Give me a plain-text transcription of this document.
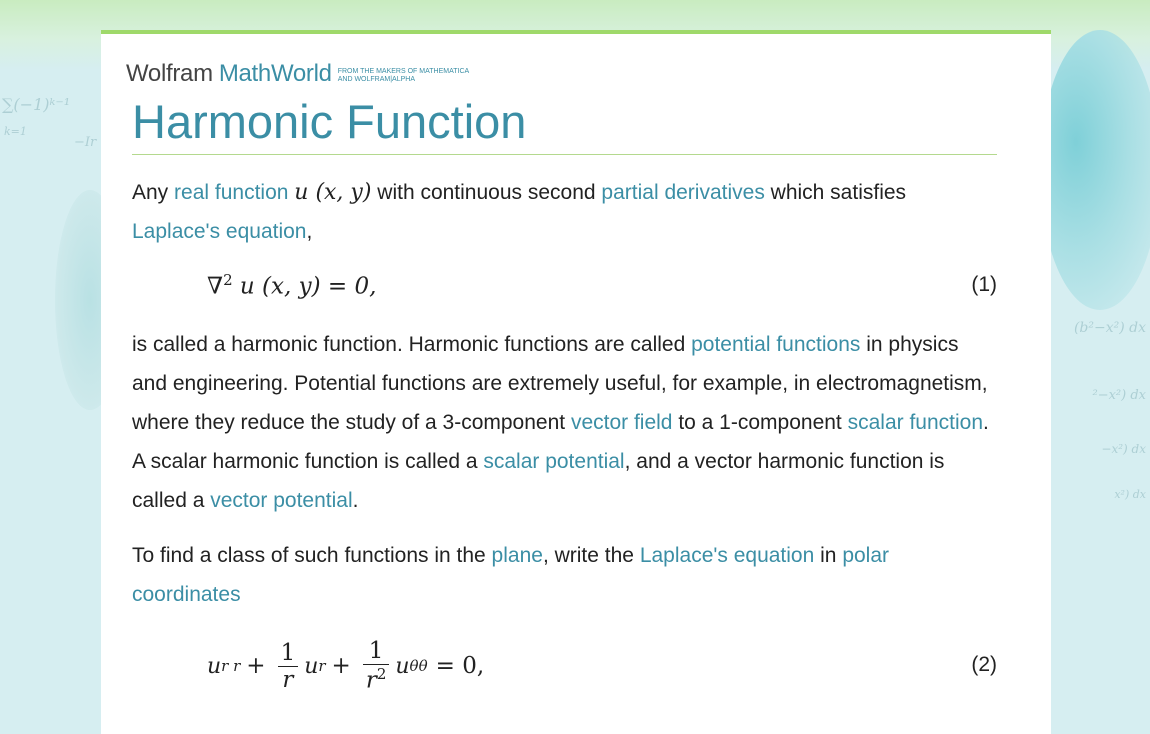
∑(−1)ᵏ⁻¹
k=1
−Ir
(b²−x²) dx
²−x²) dx
−x²) dx
x²) dx
Wolfram MathWorld FROM THE MAKERS OF MATHEMATICA
AND WOLFRAM|ALPHA
Harmonic Function
Any real function u (x, y) with continuous second partial derivatives which satisfies Laplace's equation,
∇$^2$ u (x, y) = 0,	(1)
is called a harmonic function. Harmonic functions are called potential functions in physics and engineering. Potential functions are extremely useful, for example, in electromagnetism, where they reduce the study of a 3-component vector field to a 1-component scalar function. A scalar harmonic function is called a scalar potential, and a vector harmonic function is called a vector potential.
To find a class of such functions in the plane, write the Laplace's equation in polar coordinates
u r $r + \frac{1}{r}$ u $r + \frac{1}{r^2}$ u θθ = 0,	(2)
